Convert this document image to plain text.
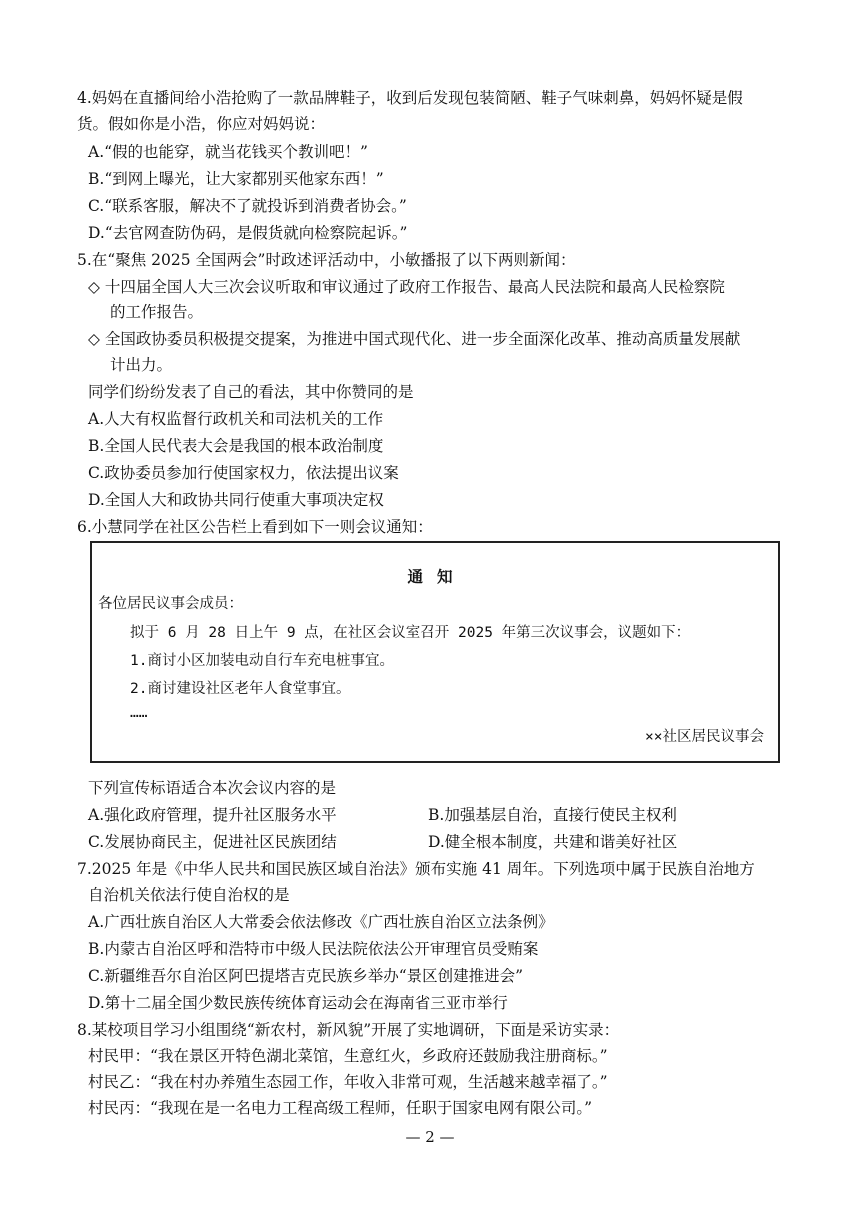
4.妈妈在直播间给小浩抢购了一款品牌鞋子，收到后发现包装简陋、鞋子气味刺鼻，妈妈怀疑是假
货。假如你是小浩，你应对妈妈说：
A.“假的也能穿，就当花钱买个教训吧！”
B.“到网上曝光，让大家都别买他家东西！”
C.“联系客服，解决不了就投诉到消费者协会。”
D.“去官网查防伪码，是假货就向检察院起诉。”
5.在“聚焦 2025 全国两会”时政述评活动中，小敏播报了以下两则新闻：
◇ 十四届全国人大三次会议听取和审议通过了政府工作报告、最高人民法院和最高人民检察院
的工作报告。
◇ 全国政协委员积极提交提案，为推进中国式现代化、进一步全面深化改革、推动高质量发展献
计出力。
同学们纷纷发表了自己的看法，其中你赞同的是
A.人大有权监督行政机关和司法机关的工作
B.全国人民代表大会是我国的根本政治制度
C.政协委员参加行使国家权力，依法提出议案
D.全国人大和政协共同行使重大事项决定权
6.小慧同学在社区公告栏上看到如下一则会议通知：
通知
各位居民议事会成员：
拟于 6 月 28 日上午 9 点，在社区会议室召开 2025 年第三次议事会，议题如下：
1.商讨小区加装电动自行车充电桩事宜。
2.商讨建设社区老年人食堂事宜。
……
××社区居民议事会
下列宣传标语适合本次会议内容的是
A.强化政府管理，提升社区服务水平	B.加强基层自治，直接行使民主权利
C.发展协商民主，促进社区民族团结	D.健全根本制度，共建和谐美好社区
7.2025 年是《中华人民共和国民族区域自治法》颁布实施 41 周年。下列选项中属于民族自治地方
自治机关依法行使自治权的是
A.广西壮族自治区人大常委会依法修改《广西壮族自治区立法条例》
B.内蒙古自治区呼和浩特市中级人民法院依法公开审理官员受贿案
C.新疆维吾尔自治区阿巴提塔吉克民族乡举办“景区创建推进会”
D.第十二届全国少数民族传统体育运动会在海南省三亚市举行
8.某校项目学习小组围绕“新农村，新风貌”开展了实地调研，下面是采访实录：
村民甲：“我在景区开特色湖北菜馆，生意红火，乡政府还鼓励我注册商标。”
村民乙：“我在村办养殖生态园工作，年收入非常可观，生活越来越幸福了。”
村民丙：“我现在是一名电力工程高级工程师，任职于国家电网有限公司。”
— 2 —
